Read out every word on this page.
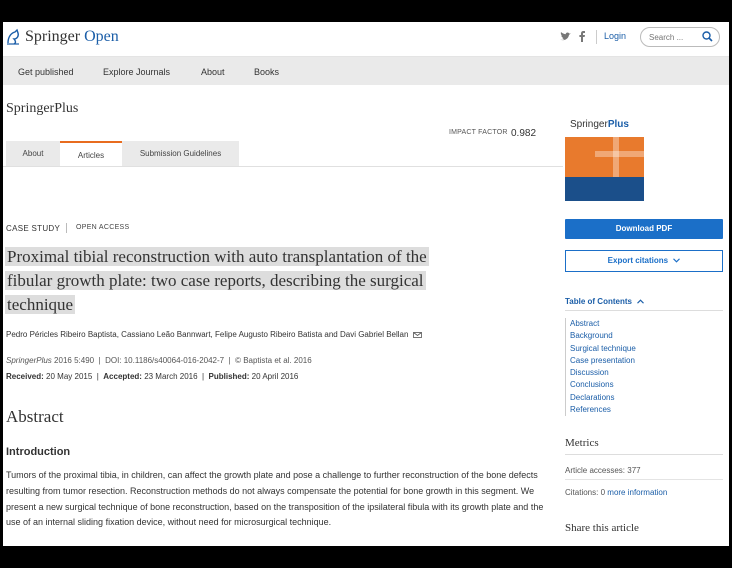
Springer Open	Login
Search ...
Get published	Explore Journals	About	Books
SpringerPlus
IMPACT FACTOR 0.982
About	Articles	Submission Guidelines
CASE STUDY OPEN ACCESS
Proximal tibial reconstruction with auto transplantation of the
fibular growth plate: two case reports, describing the surgical
technique
Pedro Péricles Ribeiro Baptista, Cassiano Leão Bannwart, Felipe Augusto Ribeiro Batista and Davi Gabriel Bellan
SpringerPlus 2016 5:490  |  DOI: 10.1186/s40064-016-2042-7  |  © Baptista et al. 2016
Received: 20 May 2015  |  Accepted: 23 March 2016  |  Published: 20 April 2016
Abstract
Introduction
Tumors of the proximal tibia, in children, can affect the growth plate and pose a challenge to further reconstruction of the bone defects resulting from tumor resection. Reconstruction methods do not always compensate the potential for bone growth in this segment. We present a new surgical technique of bone reconstruction, based on the transposition of the ipsilateral fibula with its growth plate and the use of an internal sliding fixation device, without need for microsurgical technique.
SpringerPlus
Download PDF
Export citations
Table of Contents
Abstract
Background
Surgical technique
Case presentation
Discussion
Conclusions
Declarations
References
Metrics
Article accesses: 377
Citations: 0 more information
Share this article
